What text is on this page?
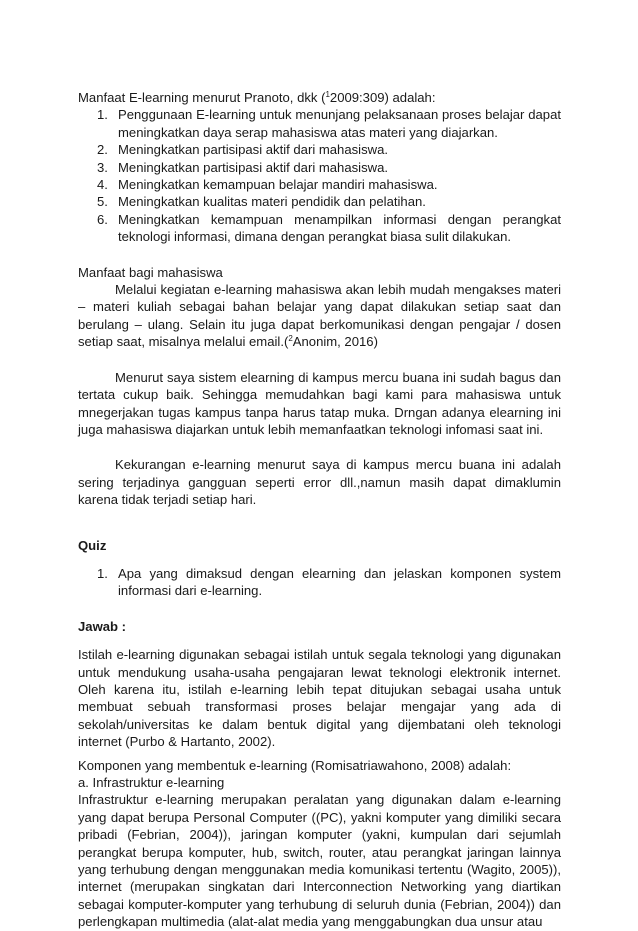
Manfaat E-learning menurut Pranoto, dkk ($^1$2009:309) adalah:

1. Penggunaan E-learning untuk menunjang pelaksanaan proses belajar dapat meningkatkan daya serap mahasiswa atas materi yang diajarkan.
2. Meningkatkan partisipasi aktif dari mahasiswa.
3. Meningkatkan partisipasi aktif dari mahasiswa.
4. Meningkatkan kemampuan belajar mandiri mahasiswa.
5. Meningkatkan kualitas materi pendidik dan pelatihan.
6. Meningkatkan kemampuan menampilkan informasi dengan perangkat teknologi informasi, dimana dengan perangkat biasa sulit dilakukan.

Manfaat bagi mahasiswa

Melalui kegiatan e-learning mahasiswa akan lebih mudah mengakses materi – materi kuliah sebagai bahan belajar yang dapat dilakukan setiap saat dan berulang – ulang. Selain itu juga dapat berkomunikasi dengan pengajar / dosen setiap saat, misalnya melalui email.($^2$Anonim, 2016)

Menurut saya sistem elearning di kampus mercu buana ini sudah bagus dan tertata cukup baik. Sehingga memudahkan bagi kami para mahasiswa untuk mnegerjakan tugas kampus tanpa harus tatap muka. Drngan adanya elearning ini juga mahasiswa diajarkan untuk lebih memanfaatkan teknologi infomasi saat ini.

Kekurangan e-learning menurut saya di kampus mercu buana ini adalah sering terjadinya gangguan seperti error dll.,namun masih dapat dimaklumin karena tidak terjadi setiap hari.

Quiz

1. Apa yang dimaksud dengan elearning dan jelaskan komponen system informasi dari e-learning.

Jawab :

Istilah e-learning digunakan sebagai istilah untuk segala teknologi yang digunakan untuk mendukung usaha-usaha pengajaran lewat teknologi elektronik internet. Oleh karena itu, istilah e-learning lebih tepat ditujukan sebagai usaha untuk membuat sebuah transformasi proses belajar mengajar yang ada di sekolah/universitas ke dalam bentuk digital yang dijembatani oleh teknologi internet (Purbo & Hartanto, 2002).

Komponen yang membentuk e-learning (Romisatriawahono, 2008) adalah:

a. Infrastruktur e-learning

Infrastruktur e-learning merupakan peralatan yang digunakan dalam e-learning yang dapat berupa Personal Computer ((PC), yakni komputer yang dimiliki secara pribadi (Febrian, 2004)), jaringan komputer (yakni, kumpulan dari sejumlah perangkat berupa komputer, hub, switch, router, atau perangkat jaringan lainnya yang terhubung dengan menggunakan media komunikasi tertentu (Wagito, 2005)), internet (merupakan singkatan dari Interconnection Networking yang diartikan sebagai komputer-komputer yang terhubung di seluruh dunia (Febrian, 2004)) dan perlengkapan multimedia (alat-alat media yang menggabungkan dua unsur atau
